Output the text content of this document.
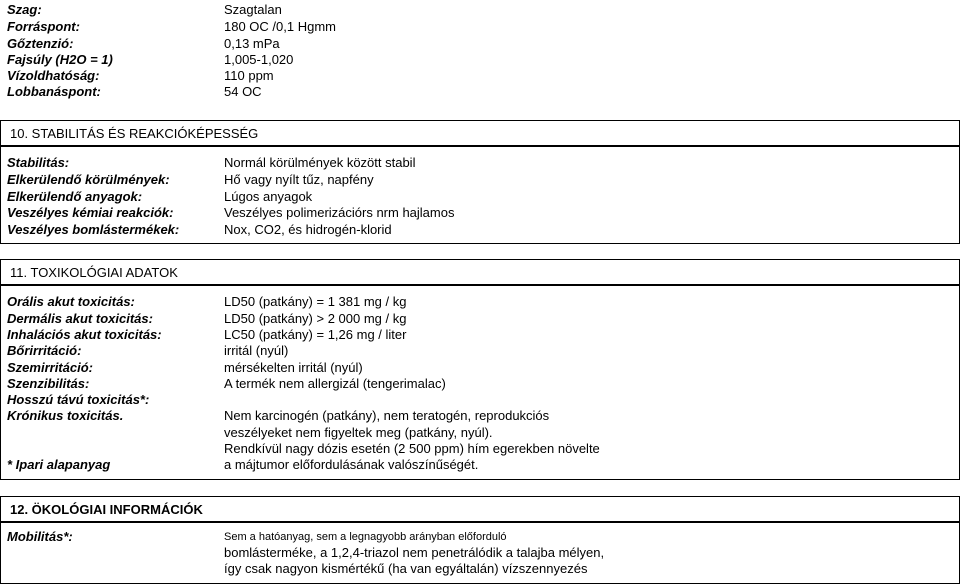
Szag:	Szagtalan
Forráspont:	180 OC /0,1 Hgmm
Gőztenzió:	0,13 mPa
Fajsúly (H2O = 1)	1,005-1,020
Vízoldhatóság:	110 ppm
Lobbanáspont:	54 OC
10. STABILITÁS ÉS REAKCIÓKÉPESSÉG
Stabilitás:	Normál körülmények között stabil
Elkerülendő körülmények:	Hő vagy nyílt tűz, napfény
Elkerülendő anyagok:	Lúgos anyagok
Veszélyes kémiai reakciók:	Veszélyes polimerizációrs nrm hajlamos
Veszélyes bomlástermékek:	Nox, CO2, és hidrogén-klorid
11. TOXIKOLÓGIAI ADATOK
Orális akut toxicitás:	LD50 (patkány) = 1 381 mg / kg
Dermális akut toxicitás:	LD50 (patkány) > 2 000 mg / kg
Inhalációs akut toxicitás:	LC50 (patkány) = 1,26 mg / liter
Bőrirritáció:	irritál (nyúl)
Szemirritáció:	mérsékelten irritál (nyúl)
Szenzibilitás:	A termék nem allergizál (tengerimalac)
Hosszú távú toxicitás*:
Krónikus toxicitás.	Nem karcinogén (patkány), nem teratogén, reprodukciós
veszélyeket nem figyeltek meg (patkány, nyúl).
Rendkívül nagy dózis esetén (2 500 ppm) hím egerekben növelte
* Ipari alapanyag	a májtumor előfordulásának valószínűségét.
12. ÖKOLÓGIAI INFORMÁCIÓK
Mobilitás*:	Sem a hatóanyag, sem a legnagyobb arányban előforduló
bomlásterméke, a 1,2,4-triazol nem penetrálódik a talajba mélyen,
így csak nagyon kismértékű (ha van egyáltalán) vízszennyezés
